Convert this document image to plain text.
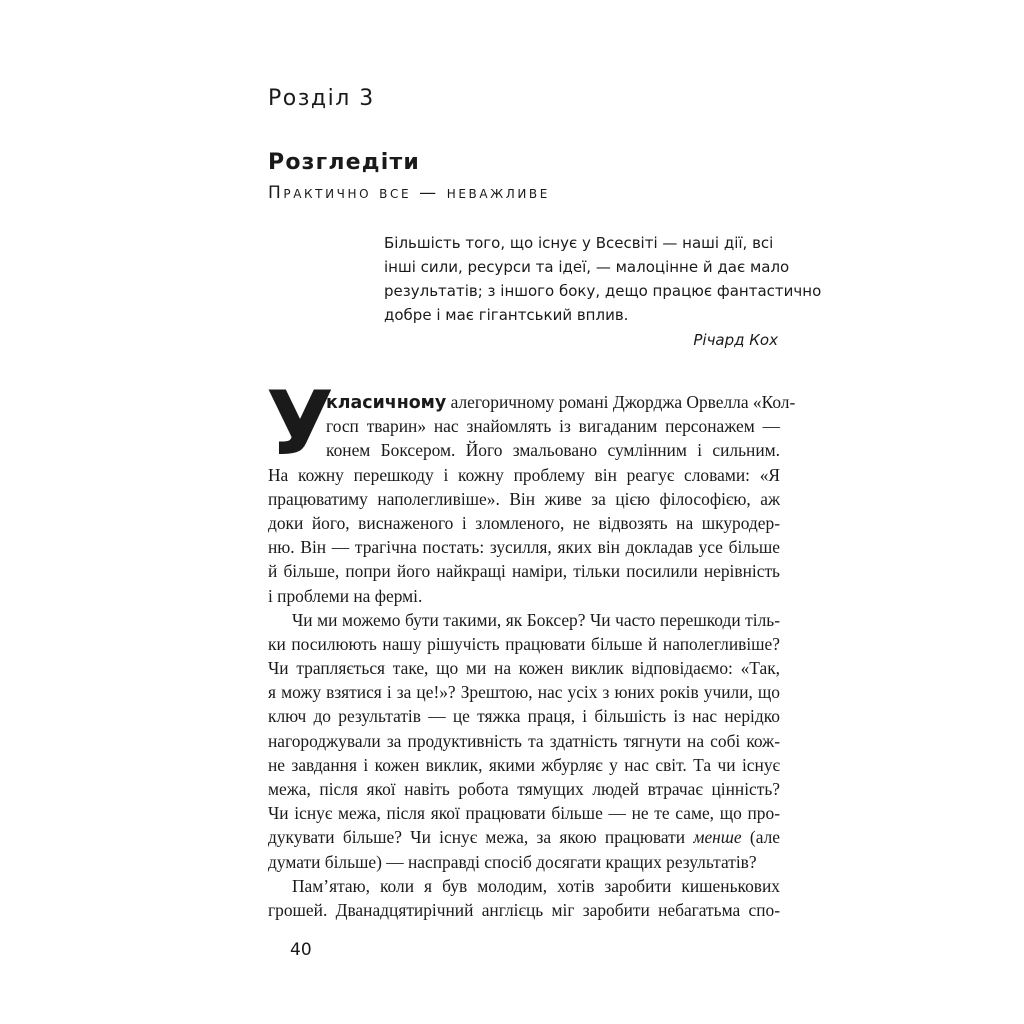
Розділ 3
Розгледіти
Практично все — неважливе
Більшість того, що існує у Всесвіті — наші дії, всі
інші сили, ресурси та ідеї, — малоцінне й дає мало
результатів; з іншого боку, дещо працює фантастично
добре і має гігантський вплив.
Річард Кох
У
класичному алегоричному романі Джорджа Орвелла «Кол-
госп тварин» нас знайомлять із вигаданим персонажем —
конем Боксером. Його змальовано сумлінним і сильним.
На кожну перешкоду і кожну проблему він реагує словами: «Я
працюватиму наполегливіше». Він живе за цією філософією, аж
доки його, виснаженого і зломленого, не відвозять на шкуродер-
ню. Він — трагічна постать: зусилля, яких він докладав усе більше
й більше, попри його найкращі наміри, тільки посилили нерівність
і проблеми на фермі.
Чи ми можемо бути такими, як Боксер? Чи часто перешкоди тіль-
ки посилюють нашу рішучість працювати більше й наполегливіше?
Чи трапляється таке, що ми на кожен виклик відповідаємо: «Так,
я можу взятися і за це!»? Зрештою, нас усіх з юних років учили, що
ключ до результатів — це тяжка праця, і більшість із нас нерідко
нагороджували за продуктивність та здатність тягнути на собі кож-
не завдання і кожен виклик, якими жбурляє у нас світ. Та чи існує
межа, після якої навіть робота тямущих людей втрачає цінність?
Чи існує межа, після якої працювати більше — не те саме, що про-
дукувати більше? Чи існує межа, за якою працювати менше (але
думати більше) — насправді спосіб досягати кращих результатів?
Пам’ятаю, коли я був молодим, хотів заробити кишенькових
грошей. Дванадцятирічний англієць міг заробити небагатьма спо-
40
